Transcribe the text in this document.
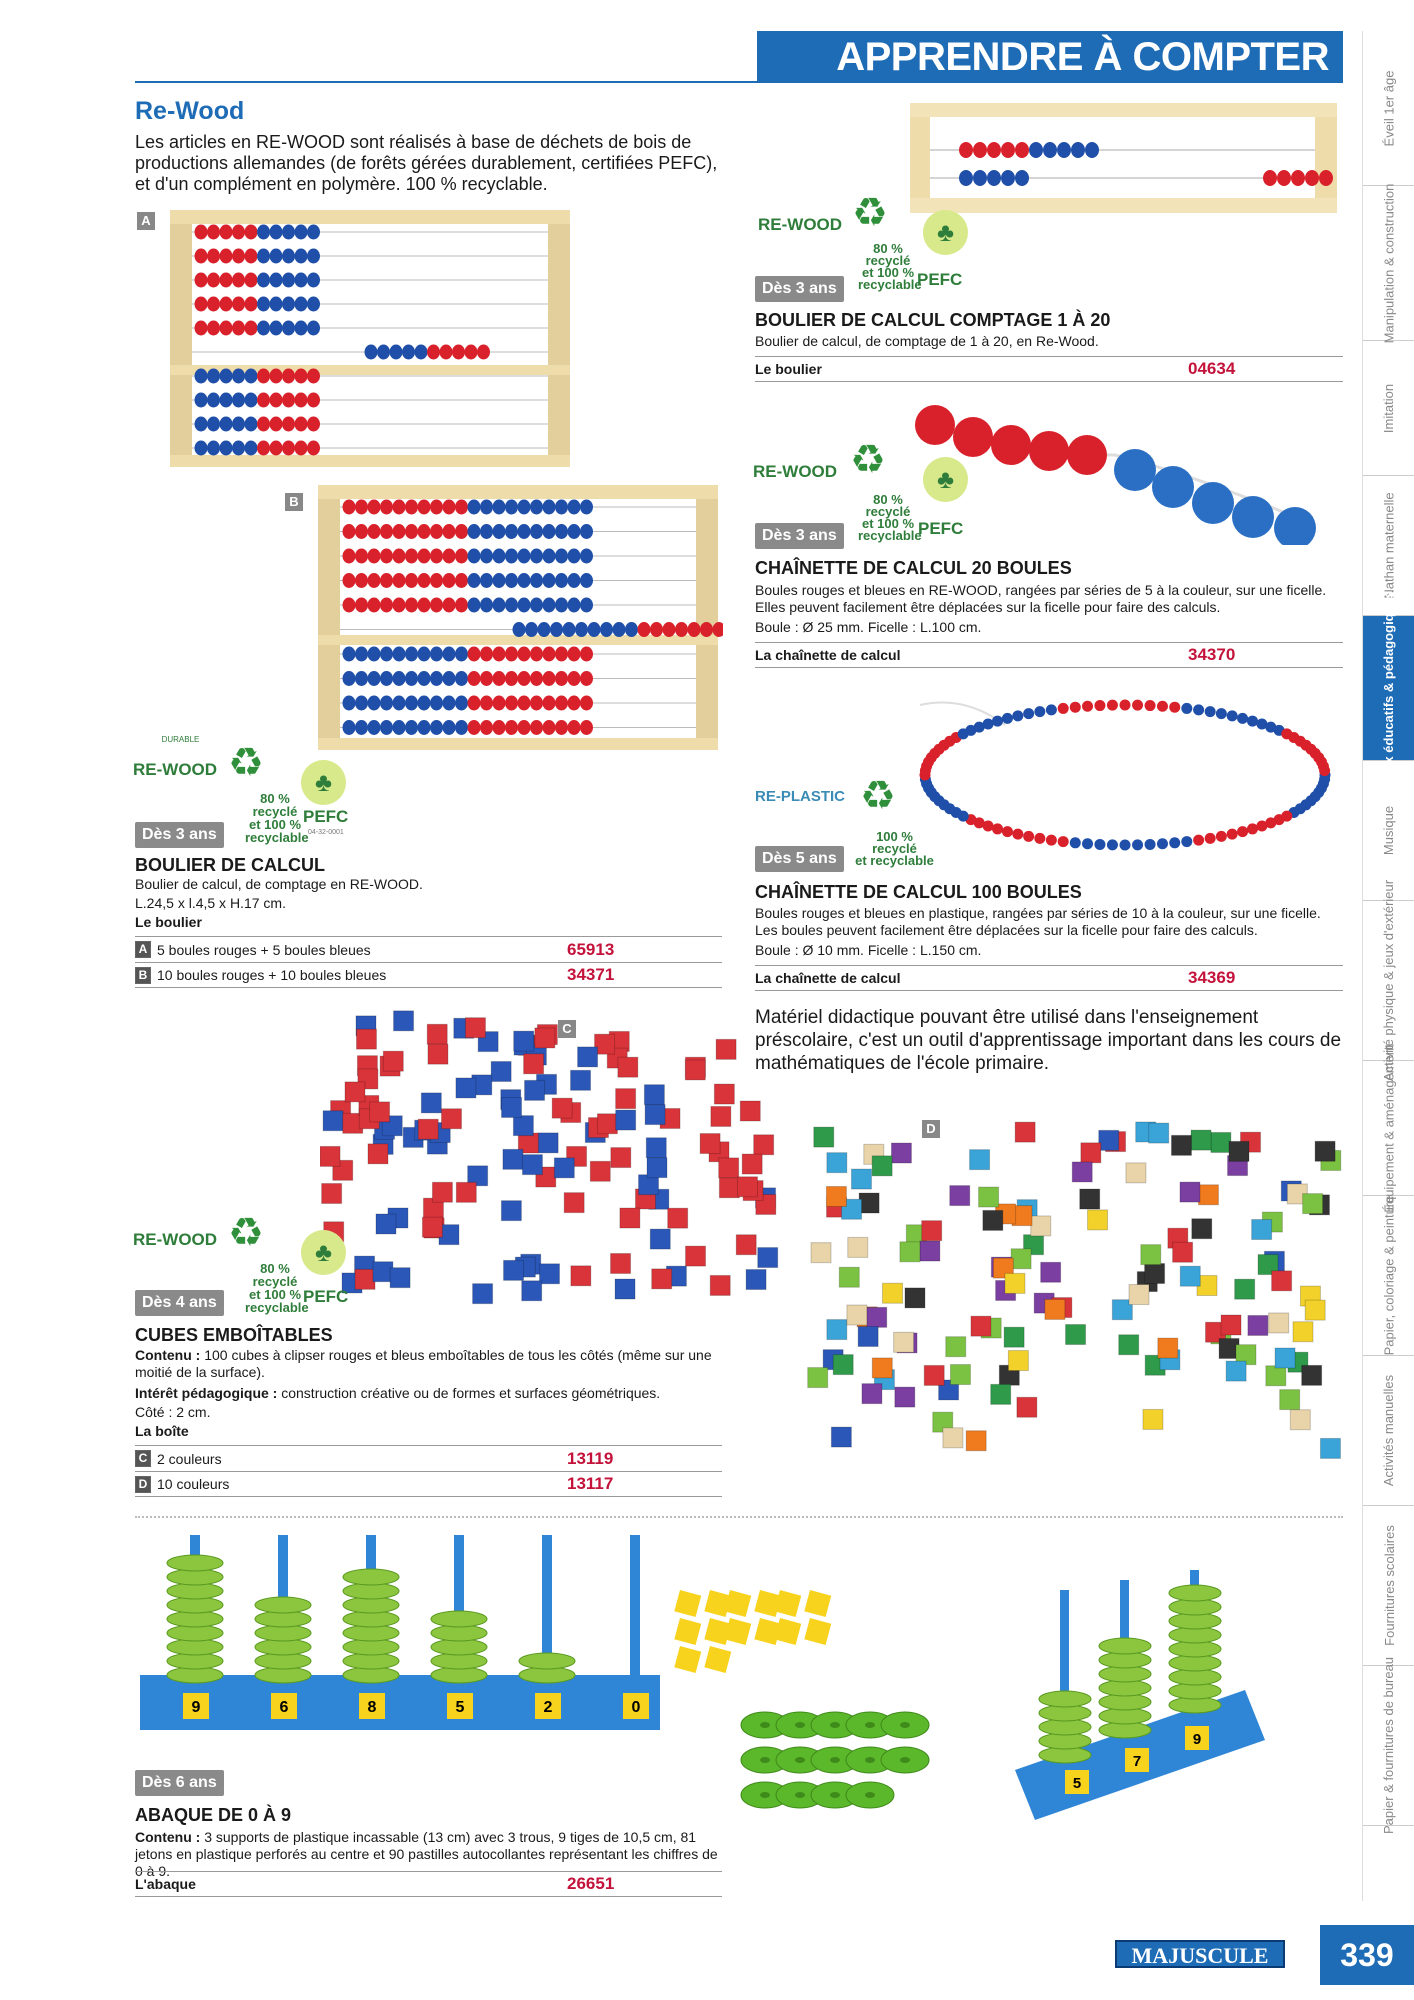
APPRENDRE À COMPTER
Éveil 1er âge
Manipulation & construction
Imitation
Nathan maternelle
Jeux éducatifs & pédagogiques
Musique
Activité physique & jeux d'extérieur
Équipement & aménagement
Papier, coloriage & peinture
Activités manuelles
Fournitures scolaires
Papier & fournitures de bureau
Re-Wood
Les articles en RE-WOOD sont réalisés à base de déchets de bois de productions allemandes (de forêts gérées durablement, certifiées PEFC), et d'un complément en polymère. 100 % recyclable.
A
B
DURABLE
RE-WOOD ♻	♣
80 %
recyclé
et 100 %
recyclable
PEFC
04-32-0001
Dès 3 ans
BOULIER DE CALCUL
Boulier de calcul, de comptage en RE-WOOD.
L.24,5 x l.4,5 x H.17 cm.
Le boulier
A 5 boules rouges + 5 boules bleues	65913
B 10 boules rouges + 10 boules bleues	34371
RE-WOOD ♻	♣
80 %
recyclé
et 100 %
recyclable
PEFC
Dès 3 ans
BOULIER DE CALCUL COMPTAGE 1 À 20
Boulier de calcul, de comptage de 1 à 20, en Re-Wood.
Le boulier	04634
RE-WOOD ♻	♣
80 %
recyclé
et 100 %
recyclable
PEFC
Dès 3 ans
CHAÎNETTE DE CALCUL 20 BOULES
Boules rouges et bleues en RE-WOOD, rangées par séries de 5 à la couleur, sur une ficelle. Elles peuvent facilement être déplacées sur la ficelle pour faire des calculs.
Boule : Ø 25 mm. Ficelle : L.100 cm.
La chaînette de calcul	34370
RE-PLASTIC ♻
100 %
recyclé
et recyclable
Dès 5 ans
CHAÎNETTE DE CALCUL 100 BOULES
Boules rouges et bleues en plastique, rangées par séries de 10 à la couleur, sur une ficelle. Les boules peuvent facilement être déplacées sur la ficelle pour faire des calculs.
Boule : Ø 10 mm. Ficelle : L.150 cm.
La chaînette de calcul	34369
Matériel didactique pouvant être utilisé dans l'enseignement préscolaire, c'est un outil d'apprentissage important dans les cours de mathématiques de l'école primaire.
C
D
RE-WOOD ♻	♣
80 %
recyclé
et 100 %
recyclable
PEFC
Dès 4 ans
CUBES EMBOÎTABLES
Contenu : 100 cubes à clipser rouges et bleus emboîtables de tous les côtés (même sur une moitié de la surface).
Intérêt pédagogique : construction créative ou de formes et surfaces géométriques.
Côté : 2 cm.
La boîte
C 2 couleurs	13119
D 10 couleurs	13117
9	6	8	5	2	0
5
7
9
Dès 6 ans
ABAQUE DE 0 À 9
Contenu : 3 supports de plastique incassable (13 cm) avec 3 trous, 9 tiges de 10,5 cm, 81 jetons en plastique perforés au centre et 90 pastilles autocollantes représentant les chiffres de 0 à 9.
L'abaque	26651
MAJUSCULE	339
